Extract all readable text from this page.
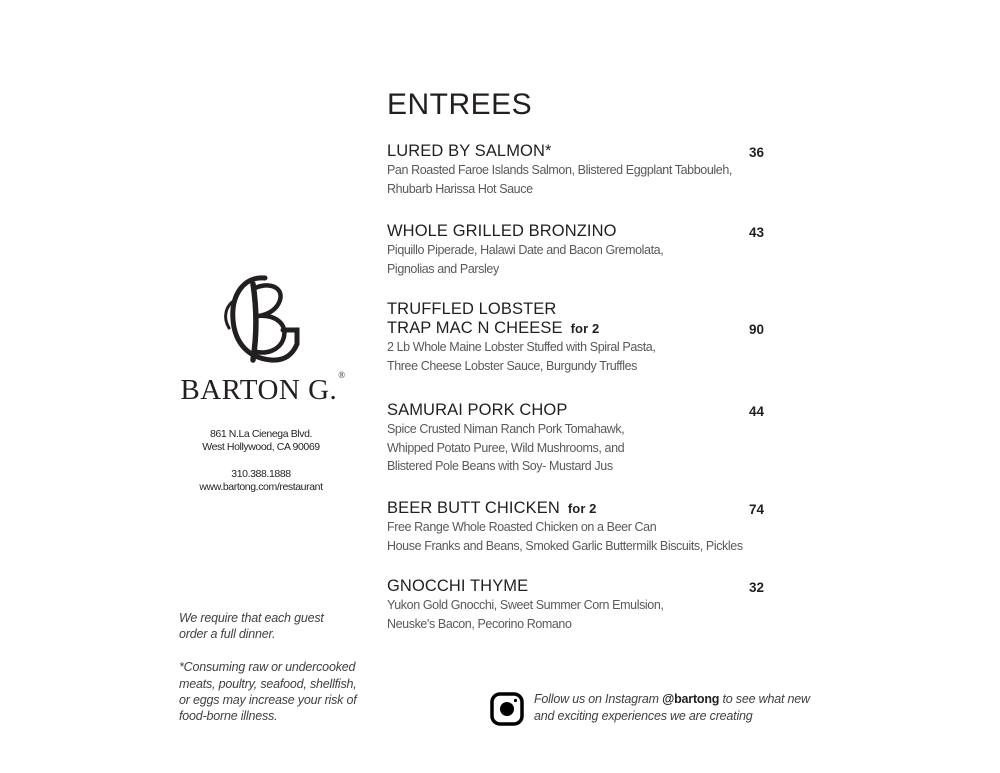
BARTON G.®
861 N.La Cienega Blvd.
West Hollywood, CA 90069
310.388.1888
www.bartong.com/restaurant
We require that each guest
order a full dinner.
*Consuming raw or undercooked
meats, poultry, seafood, shellfish,
or eggs may increase your risk of
food-borne illness.
ENTREES
LURED BY SALMON*	36
Pan Roasted Faroe Islands Salmon, Blistered Eggplant Tabbouleh,
Rhubarb Harissa Hot Sauce
WHOLE GRILLED BRONZINO	43
Piquillo Piperade, Halawi Date and Bacon Gremolata,
Pignolias and Parsley
TRUFFLED LOBSTER
TRAP MAC N CHEESE for 2	90
2 Lb Whole Maine Lobster Stuffed with Spiral Pasta,
Three Cheese Lobster Sauce, Burgundy Truffles
SAMURAI PORK CHOP	44
Spice Crusted Niman Ranch Pork Tomahawk,
Whipped Potato Puree, Wild Mushrooms, and
Blistered Pole Beans with Soy- Mustard Jus
BEER BUTT CHICKEN for 2	74
Free Range Whole Roasted Chicken on a Beer Can
House Franks and Beans, Smoked Garlic Buttermilk Biscuits, Pickles
GNOCCHI THYME	32
Yukon Gold Gnocchi, Sweet Summer Corn Emulsion,
Neuske's Bacon, Pecorino Romano
Follow us on Instagram @bartong to see what new
and exciting experiences we are creating
